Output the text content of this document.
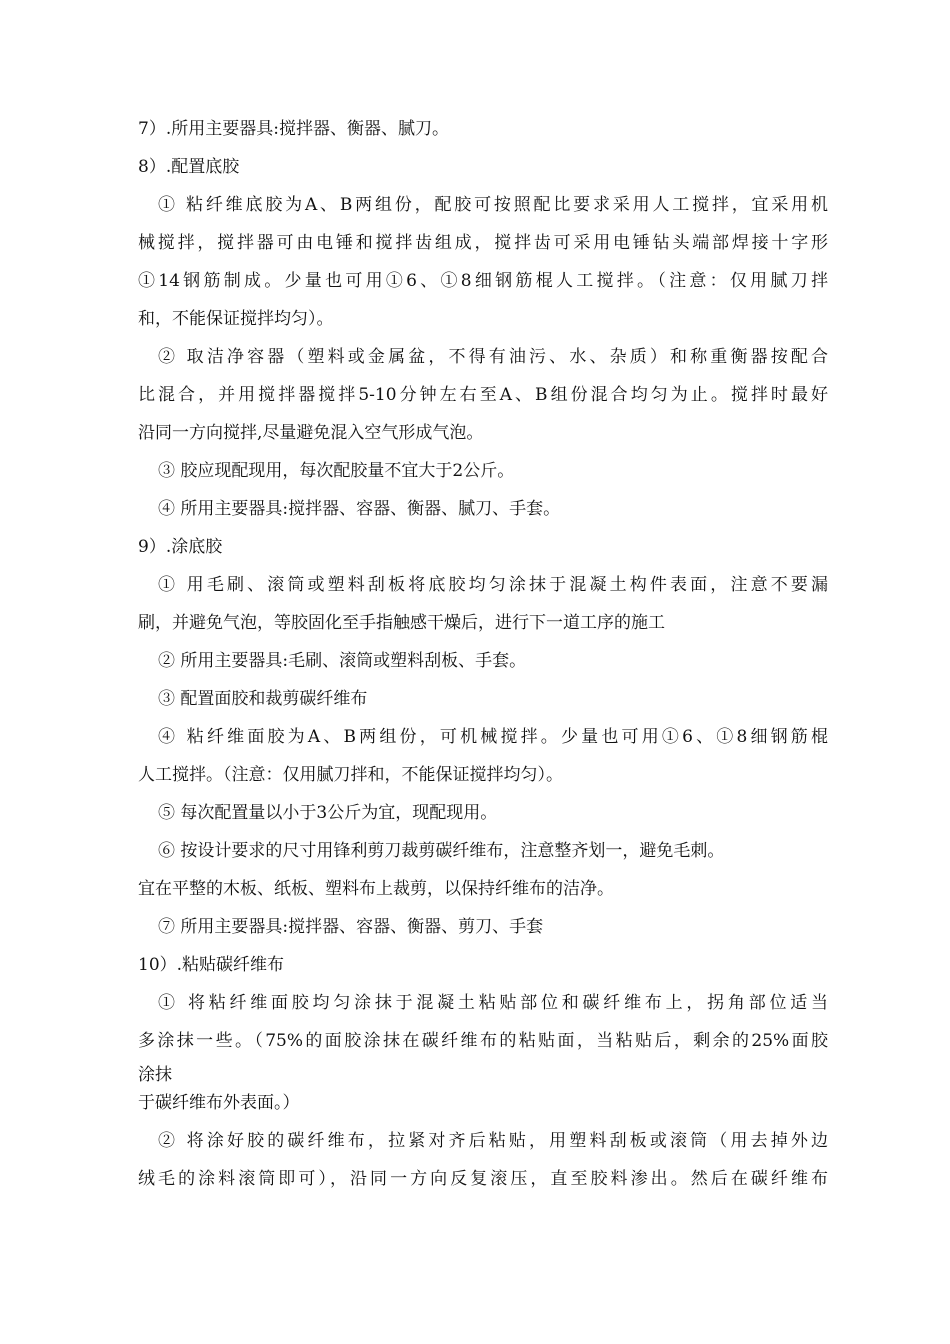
7）.所用主要器具:搅拌器、衡器、腻刀。
8）.配置底胶
① 粘纤维底胶为A、B两组份，配胶可按照配比要求采用人工搅拌，宜采用机
械搅拌，搅拌器可由电锤和搅拌齿组成，搅拌齿可采用电锤钻头端部焊接十字形
①14钢筋制成。少量也可用①6、①8细钢筋棍人工搅拌。（注意：仅用腻刀拌
和，不能保证搅拌均匀）。
② 取洁净容器（塑料或金属盆，不得有油污、水、杂质）和称重衡器按配合
比混合，并用搅拌器搅拌5-10分钟左右至A、B组份混合均匀为止。搅拌时最好
沿同一方向搅拌,尽量避免混入空气形成气泡。
③ 胶应现配现用，每次配胶量不宜大于2公斤。
④ 所用主要器具:搅拌器、容器、衡器、腻刀、手套。
9）.涂底胶
① 用毛刷、滚筒或塑料刮板将底胶均匀涂抹于混凝土构件表面，注意不要漏
刷，并避免气泡，等胶固化至手指触感干燥后，进行下一道工序的施工
② 所用主要器具:毛刷、滚筒或塑料刮板、手套。
③ 配置面胶和裁剪碳纤维布
④ 粘纤维面胶为A、B两组份，可机械搅拌。少量也可用①6、①8细钢筋棍
人工搅拌。（注意：仅用腻刀拌和，不能保证搅拌均匀）。
⑤ 每次配置量以小于3公斤为宜，现配现用。
⑥ 按设计要求的尺寸用锋利剪刀裁剪碳纤维布，注意整齐划一，避免毛刺。
宜在平整的木板、纸板、塑料布上裁剪，以保持纤维布的洁净。
⑦ 所用主要器具:搅拌器、容器、衡器、剪刀、手套
10）.粘贴碳纤维布
① 将粘纤维面胶均匀涂抹于混凝土粘贴部位和碳纤维布上，拐角部位适当
多涂抹一些。（75%的面胶涂抹在碳纤维布的粘贴面，当粘贴后，剩余的25%面胶
涂抹
于碳纤维布外表面。）
② 将涂好胶的碳纤维布，拉紧对齐后粘贴，用塑料刮板或滚筒（用去掉外边
绒毛的涂料滚筒即可），沿同一方向反复滚压，直至胶料渗出。然后在碳纤维布
